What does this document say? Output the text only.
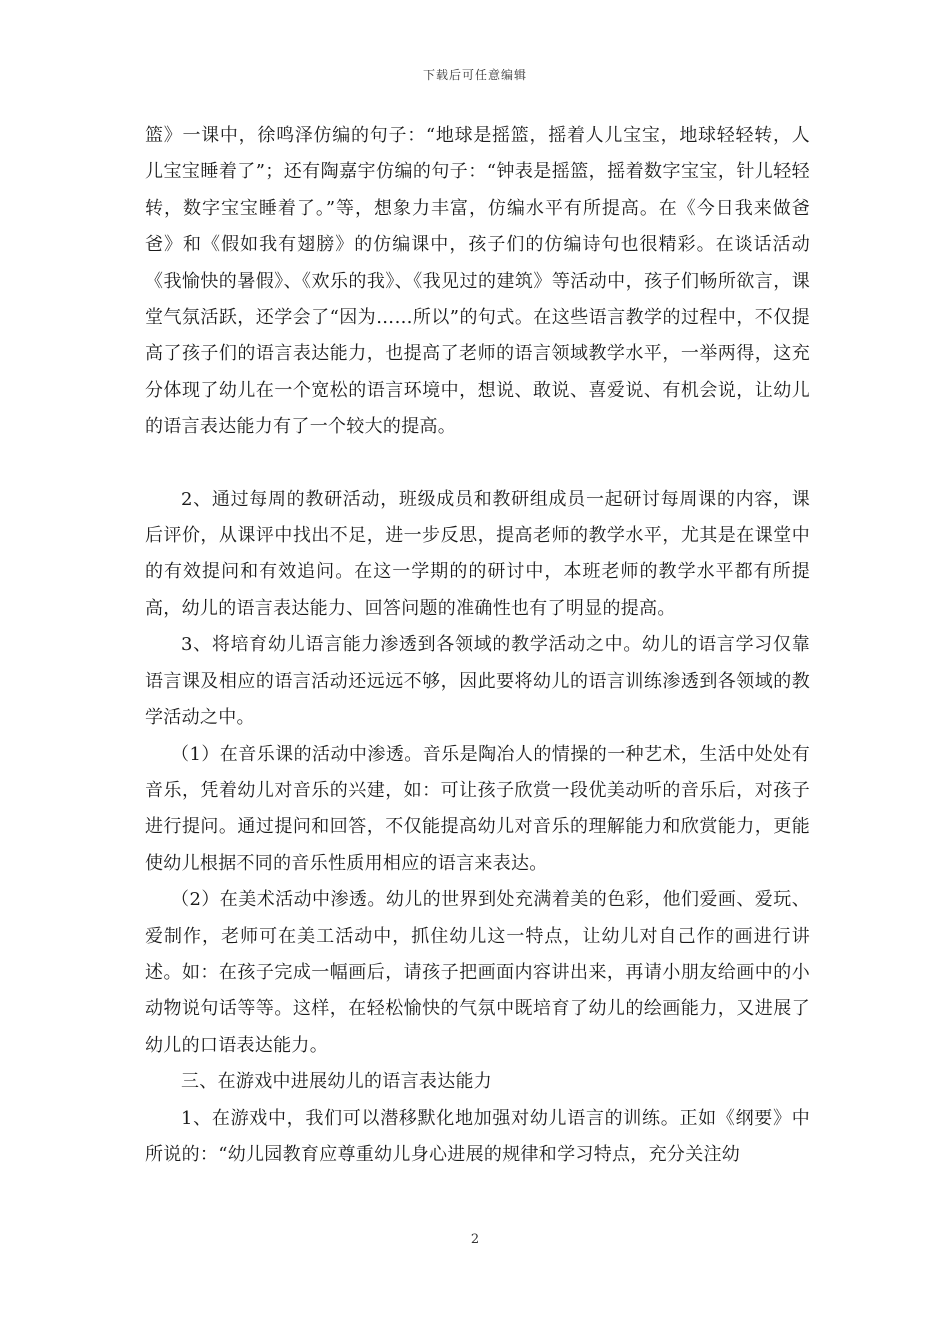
下载后可任意编辑

篮》一课中，徐鸣泽仿编的句子：“地球是摇篮，摇着人儿宝宝，地球轻轻转，人儿宝宝睡着了”；还有陶嘉宇仿编的句子：“钟表是摇篮，摇着数字宝宝，针儿轻轻转，数字宝宝睡着了。”等，想象力丰富，仿编水平有所提高。在《今日我来做爸爸》和《假如我有翅膀》的仿编课中，孩子们的仿编诗句也很精彩。在谈话活动《我愉快的暑假》、《欢乐的我》、《我见过的建筑》等活动中，孩子们畅所欲言，课堂气氛活跃，还学会了“因为……所以”的句式。在这些语言教学的过程中，不仅提高了孩子们的语言表达能力，也提高了老师的语言领域教学水平，一举两得，这充分体现了幼儿在一个宽松的语言环境中，想说、敢说、喜爱说、有机会说，让幼儿的语言表达能力有了一个较大的提高。

2、通过每周的教研活动，班级成员和教研组成员一起研讨每周课的内容，课后评价，从课评中找出不足，进一步反思，提高老师的教学水平，尤其是在课堂中的有效提问和有效追问。在这一学期的的研讨中，本班老师的教学水平都有所提高，幼儿的语言表达能力、回答问题的准确性也有了明显的提高。

3、将培育幼儿语言能力渗透到各领域的教学活动之中。幼儿的语言学习仅靠语言课及相应的语言活动还远远不够，因此要将幼儿的语言训练渗透到各领域的教学活动之中。

（1）在音乐课的活动中渗透。音乐是陶冶人的情操的一种艺术，生活中处处有音乐，凭着幼儿对音乐的兴建，如：可让孩子欣赏一段优美动听的音乐后，对孩子进行提问。通过提问和回答，不仅能提高幼儿对音乐的理解能力和欣赏能力，更能使幼儿根据不同的音乐性质用相应的语言来表达。

（2）在美术活动中渗透。幼儿的世界到处充满着美的色彩，他们爱画、爱玩、爱制作，老师可在美工活动中，抓住幼儿这一特点，让幼儿对自己作的画进行讲述。如：在孩子完成一幅画后，请孩子把画面内容讲出来，再请小朋友给画中的小动物说句话等等。这样，在轻松愉快的气氛中既培育了幼儿的绘画能力，又进展了幼儿的口语表达能力。

三、在游戏中进展幼儿的语言表达能力

1、在游戏中，我们可以潜移默化地加强对幼儿语言的训练。正如《纲要》中所说的：“幼儿园教育应尊重幼儿身心进展的规律和学习特点，充分关注幼

2
